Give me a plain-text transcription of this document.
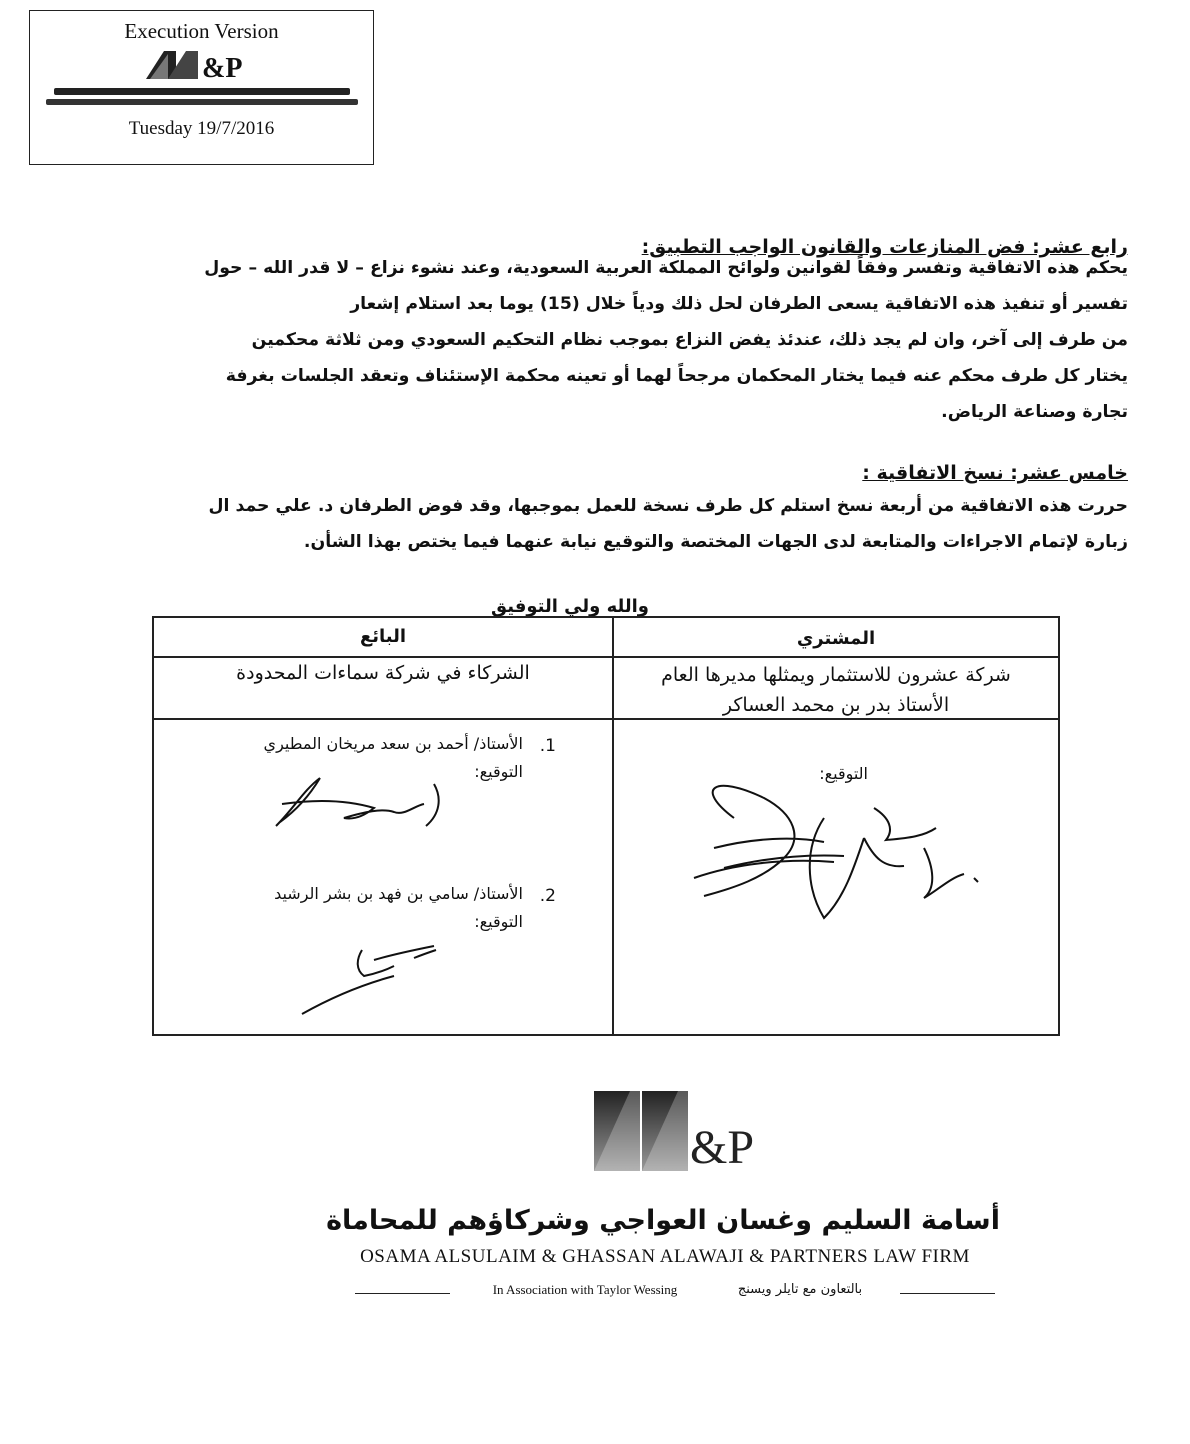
Execution Version
&P
Tuesday 19/7/2016
رابع عشر: فض المنازعات والقانون الواجب التطبيق:
يحكم هذه الاتفاقية وتفسر وفقاً لقوانين ولوائح المملكة العربية السعودية، وعند نشوء نزاع – لا قدر الله – حول
تفسير أو تنفيذ هذه الاتفاقية يسعى الطرفان لحل ذلك ودياً خلال (15) يوما بعد استلام إشعار
من طرف إلى آخر، وان لم يجد ذلك، عندئذ يفض النزاع بموجب نظام التحكيم السعودي ومن ثلاثة محكمين
يختار كل طرف محكم عنه فيما يختار المحكمان مرجحاً لهما أو تعينه محكمة الإستئناف وتعقد الجلسات بغرفة
تجارة وصناعة الرياض.
خامس عشر: نسخ الاتفاقية :
حررت هذه الاتفاقية من أربعة نسخ استلم كل طرف نسخة للعمل بموجبها، وقد فوض الطرفان د. علي حمد ال
زبارة لإتمام الاجراءات والمتابعة لدى الجهات المختصة والتوقيع نيابة عنهما فيما يختص بهذا الشأن.
والله ولي التوفيق
البائع
الشركاء في شركة سماءات المحدودة
1.
الأستاذ/ أحمد بن سعد مريخان المطيري
التوقيع:
2.
الأستاذ/ سامي بن فهد بن بشر الرشيد
التوقيع:
المشتري
شركة عشرون للاستثمار ويمثلها مديرها العام
الأستاذ بدر بن محمد العساكر
التوقيع:
&P
أسامة السليم وغسان العواجي وشركاؤهم للمحاماة
OSAMA ALSULAIM & GHASSAN ALAWAJI & PARTNERS LAW FIRM
In Association with Taylor Wessing	بالتعاون مع تايلر ويسنج
